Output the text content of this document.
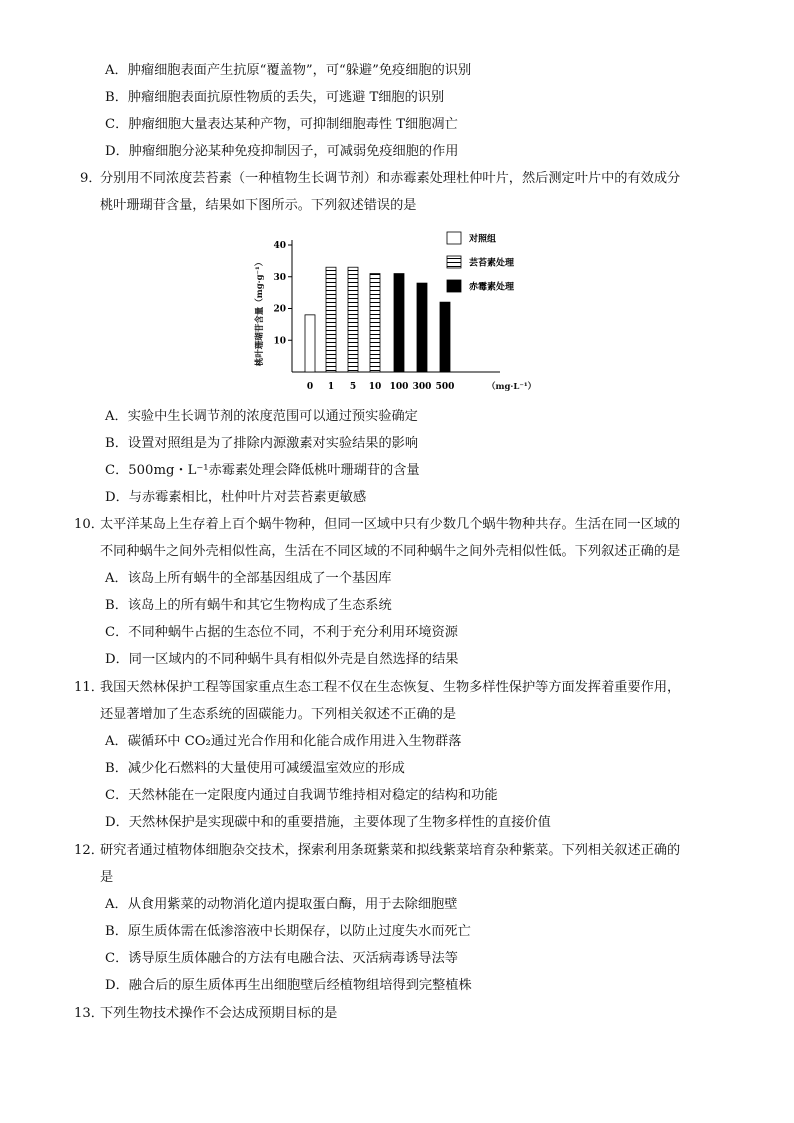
A．肿瘤细胞表面产生抗原“覆盖物”，可“躲避”免疫细胞的识别
B．肿瘤细胞表面抗原性物质的丢失，可逃避 T细胞的识别
C．肿瘤细胞大量表达某种产物，可抑制细胞毒性 T细胞凋亡
D．肿瘤细胞分泌某种免疫抑制因子，可减弱免疫细胞的作用
9．
分别用不同浓度芸苔素（一种植物生长调节剂）和赤霉素处理杜仲叶片，然后测定叶片中的有效成分
桃叶珊瑚苷含量，结果如下图所示。下列叙述错误的是
10
20
30
40
0 1 5 10 100 300 500
对照组
芸苔素处理
赤霉素处理
桃叶珊瑚苷含量（mg·g⁻¹）
（mg·L⁻¹）
A．实验中生长调节剂的浓度范围可以通过预实验确定
B．设置对照组是为了排除内源激素对实验结果的影响
C．500mg・L⁻¹赤霉素处理会降低桃叶珊瑚苷的含量
D．与赤霉素相比，杜仲叶片对芸苔素更敏感
10．
太平洋某岛上生存着上百个蜗牛物种，但同一区域中只有少数几个蜗牛物种共存。生活在同一区域的
不同种蜗牛之间外壳相似性高，生活在不同区域的不同种蜗牛之间外壳相似性低。下列叙述正确的是
A．该岛上所有蜗牛的全部基因组成了一个基因库
B．该岛上的所有蜗牛和其它生物构成了生态系统
C．不同种蜗牛占据的生态位不同，不利于充分利用环境资源
D．同一区域内的不同种蜗牛具有相似外壳是自然选择的结果
11．
我国天然林保护工程等国家重点生态工程不仅在生态恢复、生物多样性保护等方面发挥着重要作用，
还显著增加了生态系统的固碳能力。下列相关叙述不正确的是
A．碳循环中 CO₂通过光合作用和化能合成作用进入生物群落
B．减少化石燃料的大量使用可减缓温室效应的形成
C．天然林能在一定限度内通过自我调节维持相对稳定的结构和功能
D．天然林保护是实现碳中和的重要措施，主要体现了生物多样性的直接价值
12．
研究者通过植物体细胞杂交技术，探索利用条斑紫菜和拟线紫菜培育杂种紫菜。下列相关叙述正确的
是
A．从食用紫菜的动物消化道内提取蛋白酶，用于去除细胞壁
B．原生质体需在低渗溶液中长期保存，以防止过度失水而死亡
C．诱导原生质体融合的方法有电融合法、灭活病毒诱导法等
D．融合后的原生质体再生出细胞壁后经植物组培得到完整植株
13．
下列生物技术操作不会达成预期目标的是
